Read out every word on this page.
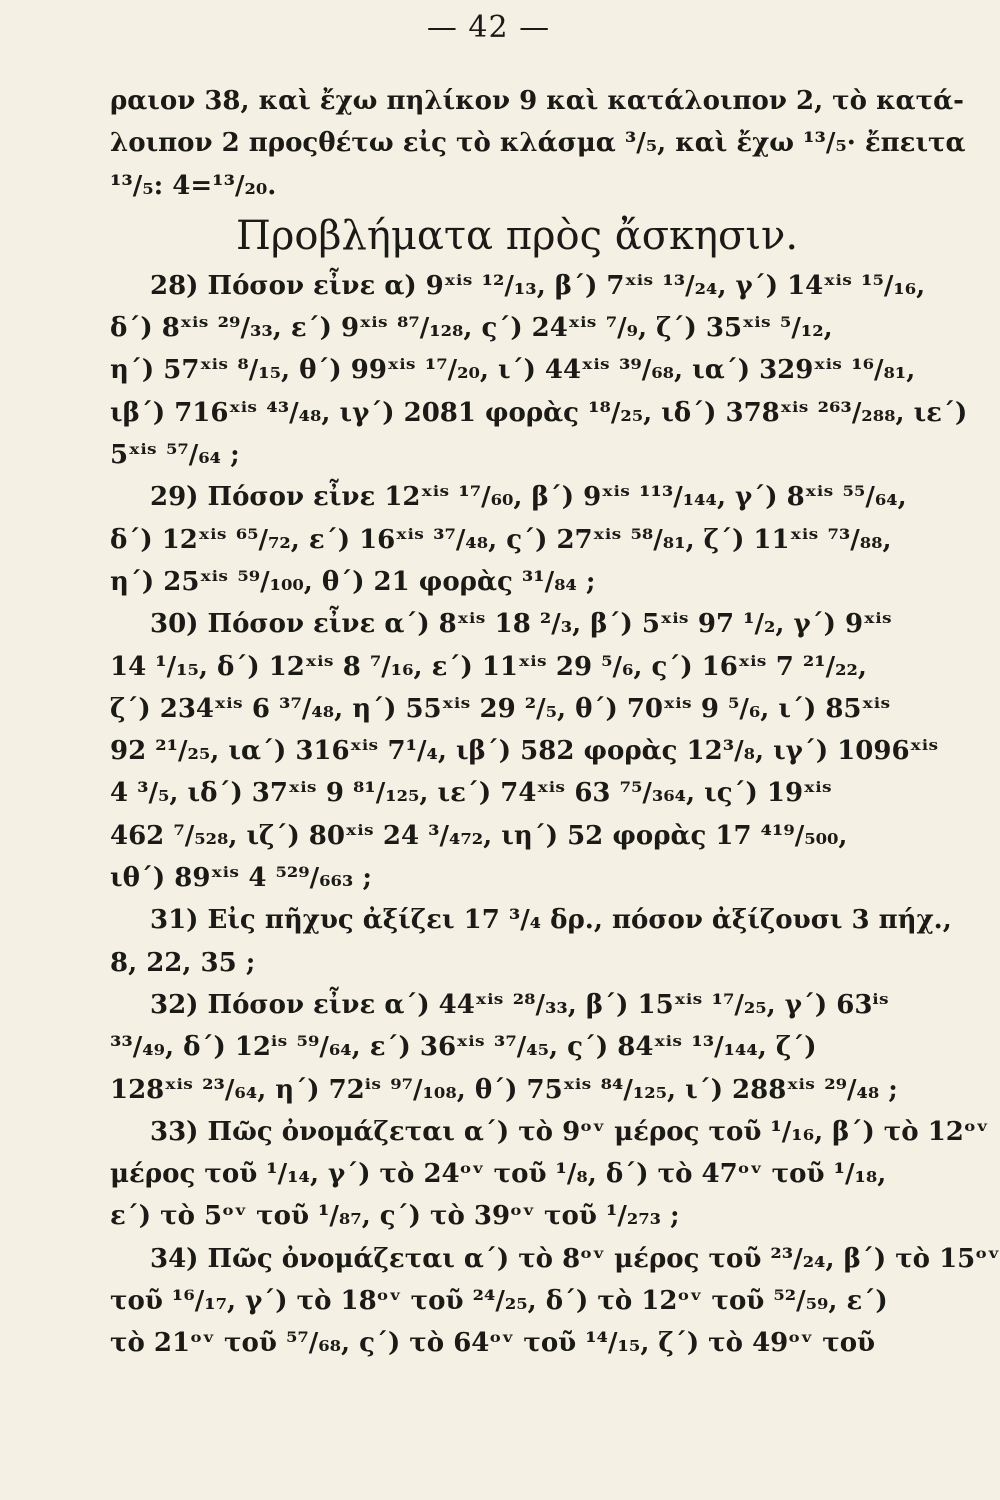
— 42 —
ραιον 38, καὶ ἔχω πηλίκον 9 καὶ κατάλοιπον 2, τὸ κατά-
λοιπον 2 προςθέτω εἰς τὸ κλάσμα ³/₅, καὶ ἔχω ¹³/₅· ἔπειτα
¹³/₅: 4=¹³/₂₀.
Προβλήματα πρὸς ἄσκησιν.
28) Πόσον εἶνε α) 9ˣⁱˢ ¹²/₁₃, β΄) 7ˣⁱˢ ¹³/₂₄, γ΄) 14ˣⁱˢ ¹⁵/₁₆,
δ΄) 8ˣⁱˢ ²⁹/₃₃, ε΄) 9ˣⁱˢ ⁸⁷/₁₂₈, ς΄) 24ˣⁱˢ ⁷/₉, ζ΄) 35ˣⁱˢ ⁵/₁₂,
η΄) 57ˣⁱˢ ⁸/₁₅, θ΄) 99ˣⁱˢ ¹⁷/₂₀, ι΄) 44ˣⁱˢ ³⁹/₆₈, ια΄) 329ˣⁱˢ ¹⁶/₈₁,
ιβ΄) 716ˣⁱˢ ⁴³/₄₈, ιγ΄) 2081 φορὰς ¹⁸/₂₅, ιδ΄) 378ˣⁱˢ ²⁶³/₂₈₈, ιε΄)
5ˣⁱˢ ⁵⁷/₆₄ ;
29) Πόσον εἶνε 12ˣⁱˢ ¹⁷/₆₀, β΄) 9ˣⁱˢ ¹¹³/₁₄₄, γ΄) 8ˣⁱˢ ⁵⁵/₆₄,
δ΄) 12ˣⁱˢ ⁶⁵/₇₂, ε΄) 16ˣⁱˢ ³⁷/₄₈, ς΄) 27ˣⁱˢ ⁵⁸/₈₁, ζ΄) 11ˣⁱˢ ⁷³/₈₈,
η΄) 25ˣⁱˢ ⁵⁹/₁₀₀, θ΄) 21 φορὰς ³¹/₈₄ ;
30) Πόσον εἶνε α΄) 8ˣⁱˢ 18 ²/₃, β΄) 5ˣⁱˢ 97 ¹/₂, γ΄) 9ˣⁱˢ
14 ¹/₁₅, δ΄) 12ˣⁱˢ 8 ⁷/₁₆, ε΄) 11ˣⁱˢ 29 ⁵/₆, ς΄) 16ˣⁱˢ 7 ²¹/₂₂,
ζ΄) 234ˣⁱˢ 6 ³⁷/₄₈, η΄) 55ˣⁱˢ 29 ²/₅, θ΄) 70ˣⁱˢ 9 ⁵/₆, ι΄) 85ˣⁱˢ
92 ²¹/₂₅, ια΄) 316ˣⁱˢ 7¹/₄, ιβ΄) 582 φορὰς 12³/₈, ιγ΄) 1096ˣⁱˢ
4 ³/₅, ιδ΄) 37ˣⁱˢ 9 ⁸¹/₁₂₅, ιε΄) 74ˣⁱˢ 63 ⁷⁵/₃₆₄, ις΄) 19ˣⁱˢ
462 ⁷/₅₂₈, ιζ΄) 80ˣⁱˢ 24 ³/₄₇₂, ιη΄) 52 φορὰς 17 ⁴¹⁹/₅₀₀,
ιθ΄) 89ˣⁱˢ 4 ⁵²⁹/₆₆₃ ;
31) Εἰς πῆχυς ἀξίζει 17 ³/₄ δρ., πόσον ἀξίζουσι 3 πήχ.,
8, 22, 35 ;
32) Πόσον εἶνε α΄) 44ˣⁱˢ ²⁸/₃₃, β΄) 15ˣⁱˢ ¹⁷/₂₅, γ΄) 63ⁱˢ
³³/₄₉, δ΄) 12ⁱˢ ⁵⁹/₆₄, ε΄) 36ˣⁱˢ ³⁷/₄₅, ς΄) 84ˣⁱˢ ¹³/₁₄₄, ζ΄)
128ˣⁱˢ ²³/₆₄, η΄) 72ⁱˢ ⁹⁷/₁₀₈, θ΄) 75ˣⁱˢ ⁸⁴/₁₂₅, ι΄) 288ˣⁱˢ ²⁹/₄₈ ;
33) Πῶς ὀνομάζεται α΄) τὸ 9ᵒᵛ μέρος τοῦ ¹/₁₆, β΄) τὸ 12ᵒᵛ
μέρος τοῦ ¹/₁₄, γ΄) τὸ 24ᵒᵛ τοῦ ¹/₈, δ΄) τὸ 47ᵒᵛ τοῦ ¹/₁₈,
ε΄) τὸ 5ᵒᵛ τοῦ ¹/₈₇, ς΄) τὸ 39ᵒᵛ τοῦ ¹/₂₇₃ ;
34) Πῶς ὀνομάζεται α΄) τὸ 8ᵒᵛ μέρος τοῦ ²³/₂₄, β΄) τὸ 15ᵒᵛ
τοῦ ¹⁶/₁₇, γ΄) τὸ 18ᵒᵛ τοῦ ²⁴/₂₅, δ΄) τὸ 12ᵒᵛ τοῦ ⁵²/₅₉, ε΄)
τὸ 21ᵒᵛ τοῦ ⁵⁷/₆₈, ς΄) τὸ 64ᵒᵛ τοῦ ¹⁴/₁₅, ζ΄) τὸ 49ᵒᵛ τοῦ
